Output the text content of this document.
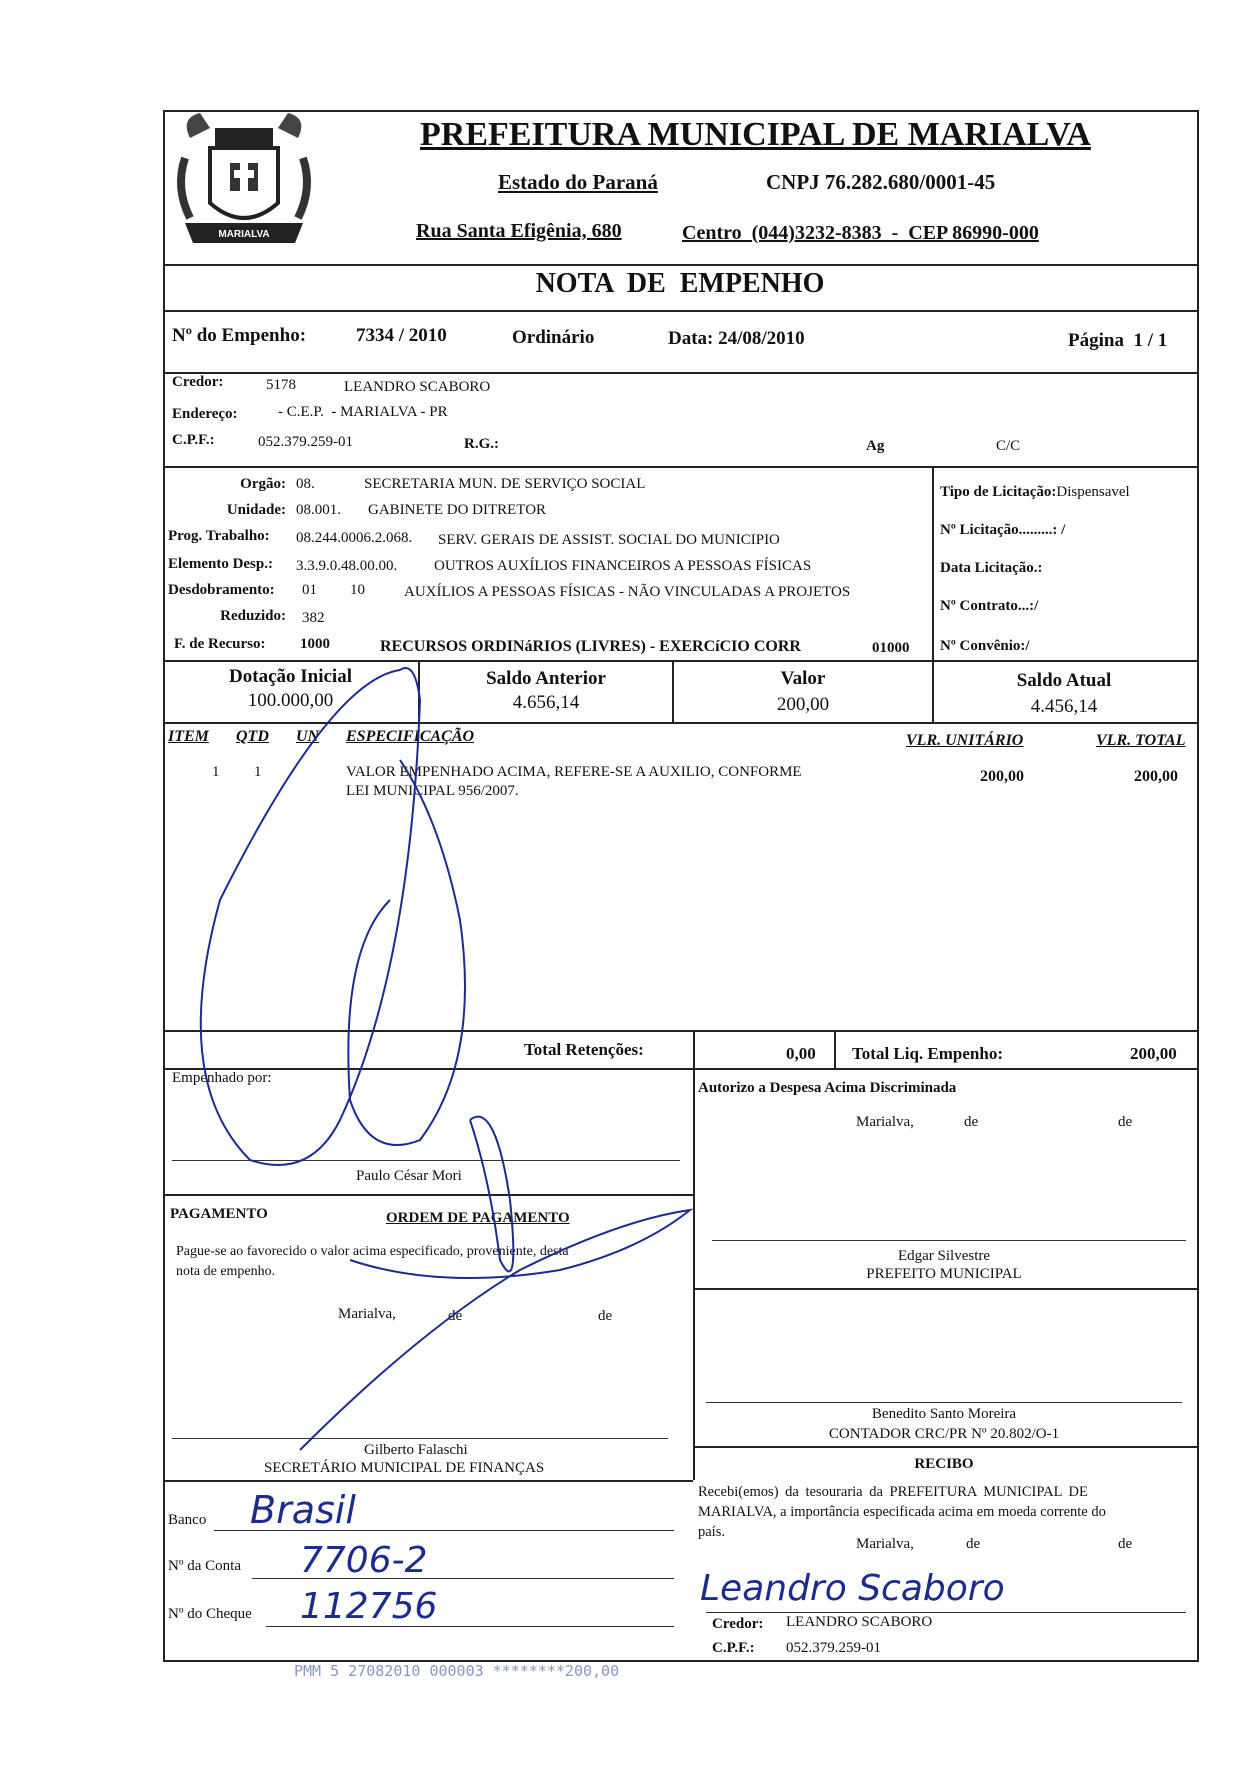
MARIALVA
PREFEITURA MUNICIPAL DE MARIALVA
Estado do Paraná	CNPJ 76.282.680/0001-45
Rua Santa Efigênia, 680	Centro  (044)3232-8383  -  CEP 86990-000
NOTA  DE  EMPENHO
Nº do Empenho:	7334 / 2010	Ordinário	Data: 24/08/2010	Página  1 / 1
Credor:	5178	LEANDRO SCABORO
Endereço:	- C.E.P.  - MARIALVA - PR
C.P.F.:	052.379.259-01	R.G.:	Ag	C/C
Orgão: 08.	SECRETARIA MUN. DE SERVIÇO SOCIAL
Unidade: 08.001. GABINETE DO DITRETOR
Prog. Trabalho: 08.244.0006.2.068. SERV. GERAIS DE ASSIST. SOCIAL DO MUNICIPIO
Elemento Desp.: 3.3.9.0.48.00.00. OUTROS AUXÍLIOS FINANCEIROS A PESSOAS FÍSICAS
Desdobramento: 01 10	AUXÍLIOS A PESSOAS FÍSICAS - NÃO VINCULADAS A PROJETOS
Reduzido: 382
F. de Recurso: 1000	RECURSOS ORDINáRIOS (LIVRES) - EXERCíCIO CORR	01000
Tipo de Licitação:Dispensavel
Nº Licitação.........: /
Data Licitação.:
Nº Contrato...:/
Nº Convênio:/
Dotação Inicial
100.000,00
Saldo Anterior
4.656,14
Valor
200,00
Saldo Atual
4.456,14
ITEM QTD UN ESPECIFICAÇÃO	VLR. UNITÁRIO	VLR. TOTAL
1 1	VALOR EMPENHADO ACIMA, REFERE-SE A AUXILIO, CONFORME
LEI MUNICIPAL 956/2007.
200,00	200,00
Total Retenções:	0,00 Total Liq. Empenho:	200,00
Empenhado por:
Paulo César Mori
PAGAMENTO	ORDEM DE PAGAMENTO
Pague-se ao favorecido o valor acima especificado, proveniente, desta
nota de empenho.
Marialva,	de	de
Gilberto Falaschi
SECRETÁRIO MUNICIPAL DE FINANÇAS
Banco Brasil
Nº da Conta 7706-2
Nº do Cheque 112756
Autorizo a Despesa Acima Discriminada
Marialva,	de	de
Edgar Silvestre
PREFEITO MUNICIPAL
Benedito Santo Moreira
CONTADOR CRC/PR Nº 20.802/O-1
RECIBO
Recebi(emos) da tesouraria da PREFEITURA MUNICIPAL DE
MARIALVA, a importância especificada acima em moeda corrente do
país.
Marialva,	de	de
Leandro Scaboro
Credor: LEANDRO SCABORO
C.P.F.: 052.379.259-01
PMM 5 27082010 000003 ********200,00
